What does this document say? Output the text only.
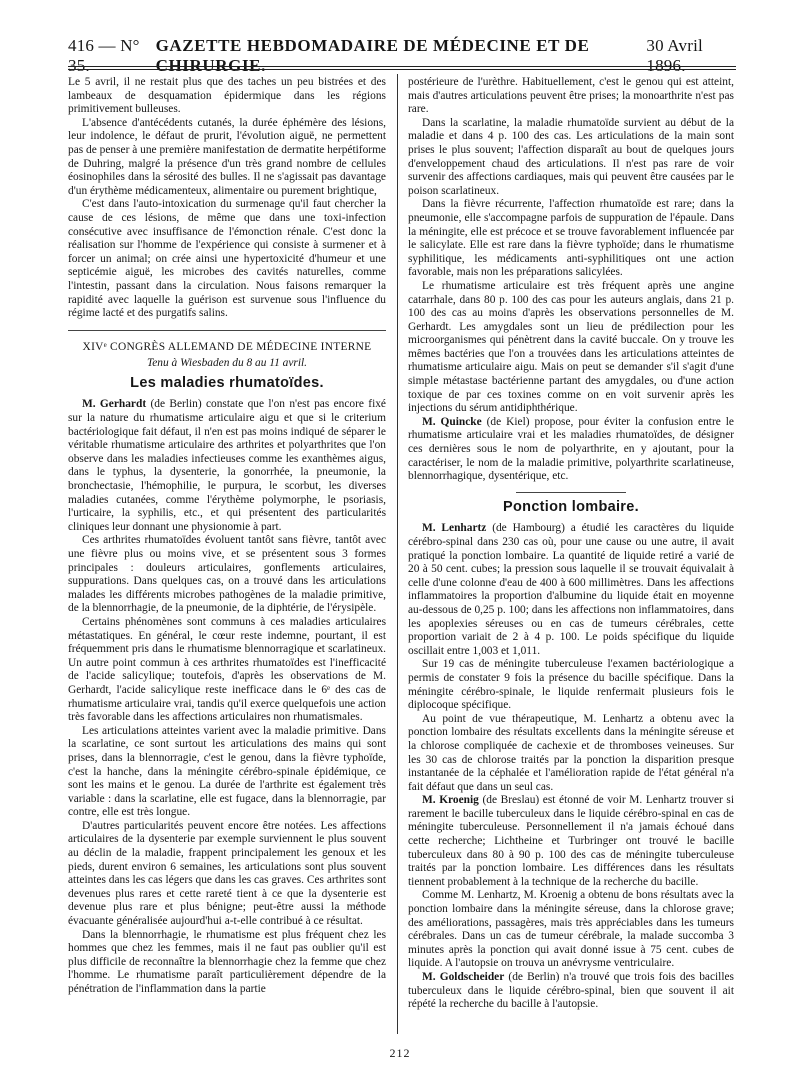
416 — N° 35.
GAZETTE HEBDOMADAIRE DE MÉDECINE ET DE CHIRURGIE.
30 Avril 1896.

Le 5 avril, il ne restait plus que des taches un peu bistrées et des lambeaux de desquamation épidermique dans les régions primitivement bulleuses.

L'absence d'antécédents cutanés, la durée éphémère des lésions, leur indolence, le défaut de prurit, l'évolution aiguë, ne permettent pas de penser à une première manifestation de dermatite herpétiforme de Duhring, malgré la présence d'un très grand nombre de cellules éosinophiles dans la sérosité des bulles. Il ne s'agissait pas davantage d'un érythème médicamenteux, alimentaire ou purement brightique,

C'est dans l'auto-intoxication du surmenage qu'il faut chercher la cause de ces lésions, de même que dans une toxi-infection consécutive avec insuffisance de l'émonction rénale. C'est donc la réalisation sur l'homme de l'expérience qui consiste à surmener et à forcer un animal; on crée ainsi une hypertoxicité d'humeur et une septicémie aiguë, les microbes des cavités naturelles, comme l'intestin, passant dans la circulation. Nous faisons remarquer la rapidité avec laquelle la guérison est survenue sous l'influence du régime lacté et des purgatifs salins.

XIVᵉ CONGRÈS ALLEMAND DE MÉDECINE INTERNE
Tenu à Wiesbaden du 8 au 11 avril.
Les maladies rhumatoïdes.

M. Gerhardt (de Berlin) constate que l'on n'est pas encore fixé sur la nature du rhumatisme articulaire aigu et que si le criterium bactériologique fait défaut, il n'en est pas moins indiqué de séparer le véritable rhumatisme articulaire des arthrites et polyarthrites que l'on observe dans les maladies infectieuses comme les exanthèmes aigus, dans le typhus, la dysenterie, la gonorrhée, la pneumonie, la bronchectasie, l'hémophilie, le purpura, le scorbut, les diverses maladies cutanées, comme l'érythème polymorphe, le psoriasis, l'urticaire, la syphilis, etc., et qui présentent des particularités cliniques leur donnant une physionomie à part.

Ces arthrites rhumatoïdes évoluent tantôt sans fièvre, tantôt avec une fièvre plus ou moins vive, et se présentent sous 3 formes principales : douleurs articulaires, gonflements articulaires, suppurations. Dans quelques cas, on a trouvé dans les articulations malades les différents microbes pathogènes de la maladie primitive, de la blennorrhagie, de la pneumonie, de la diphtérie, de l'érysipèle.

Certains phénomènes sont communs à ces maladies articulaires métastatiques. En général, le cœur reste indemne, pourtant, il est fréquemment pris dans le rhumatisme blennorragique et scarlatineux. Un autre point commun à ces arthrites rhumatoïdes est l'inefficacité de l'acide salicylique; toutefois, d'après les observations de M. Gerhardt, l'acide salicylique reste inefficace dans le 6ᵉ des cas de rhumatisme articulaire vrai, tandis qu'il exerce quelquefois une action très favorable dans les affections articulaires non rhumatismales.

Les articulations atteintes varient avec la maladie primitive. Dans la scarlatine, ce sont surtout les articulations des mains qui sont prises, dans la blennorragie, c'est le genou, dans la fièvre typhoïde, c'est la hanche, dans la méningite cérébro-spinale épidémique, ce sont les mains et le genou. La durée de l'arthrite est également très variable : dans la scarlatine, elle est fugace, dans la blennorragie, par contre, elle est très longue.

D'autres particularités peuvent encore être notées. Les affections articulaires de la dysenterie par exemple surviennent le plus souvent au déclin de la maladie, frappent principalement les genoux et les pieds, durent environ 6 semaines, les articulations sont plus souvent atteintes dans les cas légers que dans les cas graves. Ces arthrites sont devenues plus rares et cette rareté tient à ce que la dysenterie est devenue plus rare et plus bénigne; peut-être aussi la méthode évacuante généralisée aujourd'hui a-t-elle contribué à ce résultat.

Dans la blennorrhagie, le rhumatisme est plus fréquent chez les hommes que chez les femmes, mais il ne faut pas oublier qu'il est plus difficile de reconnaître la blennorrhagie chez la femme que chez l'homme. Le rhumatisme paraît particulièrement dépendre de la pénétration de l'inflammation dans la partie

postérieure de l'urèthre. Habituellement, c'est le genou qui est atteint, mais d'autres articulations peuvent être prises; la monoarthrite n'est pas rare.

Dans la scarlatine, la maladie rhumatoïde survient au début de la maladie et dans 4 p. 100 des cas. Les articulations de la main sont prises le plus souvent; l'affection disparaît au bout de quelques jours d'enveloppement chaud des articulations. Il n'est pas rare de voir survenir des affections cardiaques, mais qui peuvent être causées par le poison scarlatineux.

Dans la fièvre récurrente, l'affection rhumatoïde est rare; dans la pneumonie, elle s'accompagne parfois de suppuration de l'épaule. Dans la méningite, elle est précoce et se trouve favorablement influencée par le salicylate. Elle est rare dans la fièvre typhoïde; dans le rhumatisme syphilitique, les médicaments anti-syphilitiques ont une action favorable, mais non les préparations salicylées.

Le rhumatisme articulaire est très fréquent après une angine catarrhale, dans 80 p. 100 des cas pour les auteurs anglais, dans 21 p. 100 des cas au moins d'après les observations personnelles de M. Gerhardt. Les amygdales sont un lieu de prédilection pour les microorganismes qui pénètrent dans la cavité buccale. On y trouve les mêmes bactéries que l'on a trouvées dans les articulations atteintes de rhumatisme articulaire aigu. Mais on peut se demander s'il s'agit d'une simple métastase bactérienne partant des amygdales, ou d'une action toxique de par ces toxines comme on en voit survenir après les injections du sérum antidiphthérique.

M. Quincke (de Kiel) propose, pour éviter la confusion entre le rhumatisme articulaire vrai et les maladies rhumatoïdes, de désigner ces dernières sous le nom de polyarthrite, en y ajoutant, pour la caractériser, le nom de la maladie primitive, polyarthrite scarlatineuse, blennorrhagique, dysentérique, etc.

Ponction lombaire.

M. Lenhartz (de Hambourg) a étudié les caractères du liquide cérébro-spinal dans 230 cas où, pour une cause ou une autre, il avait pratiqué la ponction lombaire. La quantité de liquide retiré a varié de 20 à 50 cent. cubes; la pression sous laquelle il se trouvait équivalait à celle d'une colonne d'eau de 400 à 600 millimètres. Dans les affections inflammatoires la proportion d'albumine du liquide était en moyenne au-dessous de 0,25 p. 100; dans les affections non inflammatoires, dans les apoplexies séreuses ou en cas de tumeurs cérébrales, cette proportion variait de 2 à 4 p. 100. Le poids spécifique du liquide oscillait entre 1,003 et 1,011.

Sur 19 cas de méningite tuberculeuse l'examen bactériologique a permis de constater 9 fois la présence du bacille spécifique. Dans la méningite cérébro-spinale, le liquide renfermait plusieurs fois le diplocoque spécifique.

Au point de vue thérapeutique, M. Lenhartz a obtenu avec la ponction lombaire des résultats excellents dans la méningite séreuse et la chlorose compliquée de cachexie et de thromboses veineuses. Sur les 30 cas de chlorose traités par la ponction la disparition presque instantanée de la céphalée et l'amélioration rapide de l'état général n'a fait défaut que dans un seul cas.

M. Kroenig (de Breslau) est étonné de voir M. Lenhartz trouver si rarement le bacille tuberculeux dans le liquide cérébro-spinal en cas de méningite tuberculeuse. Personnellement il n'a jamais échoué dans cette recherche; Lichtheine et Turbringer ont trouvé le bacille tuberculeux dans 80 à 90 p. 100 des cas de méningite tuberculeuse traités par la ponction lombaire. Les différences dans les résultats tiennent probablement à la technique de la recherche du bacille.

Comme M. Lenhartz, M. Kroenig a obtenu de bons résultats avec la ponction lombaire dans la méningite séreuse, dans la chlorose grave; des améliorations, passagères, mais très appréciables dans les tumeurs cérébrales. Dans un cas de tumeur cérébrale, la malade succomba 3 minutes après la ponction qui avait donné issue à 75 cent. cubes de liquide. A l'autopsie on trouva un anévrysme ventriculaire.

M. Goldscheider (de Berlin) n'a trouvé que trois fois des bacilles tuberculeux dans le liquide cérébro-spinal, bien que souvent il ait répété la recherche du bacille à l'autopsie.

212
